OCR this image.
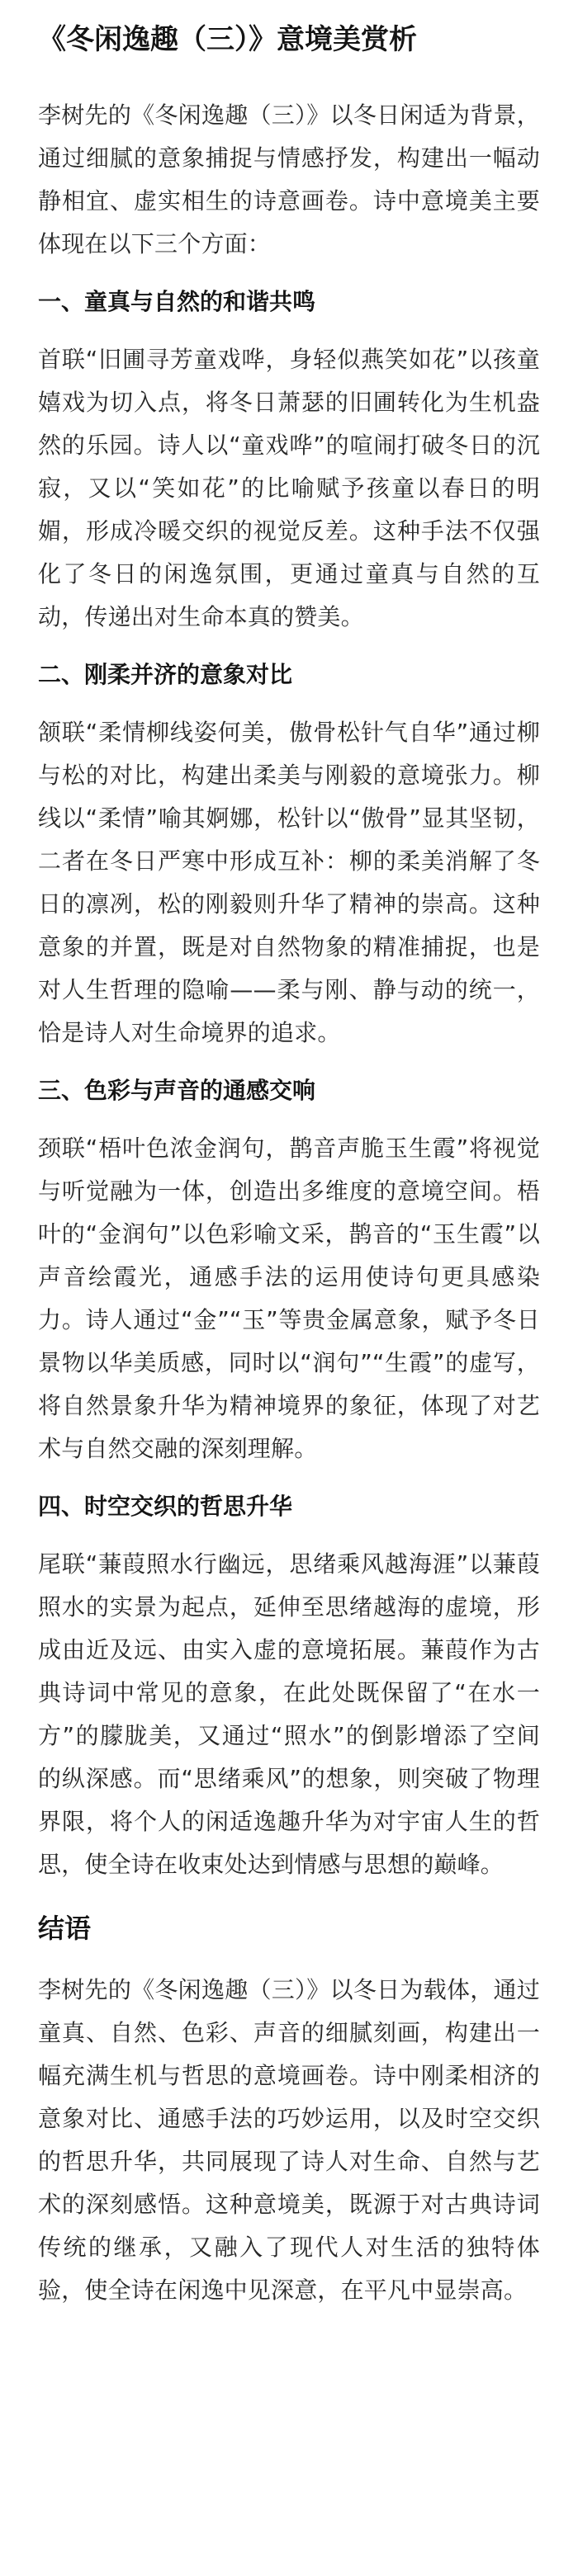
《冬闲逸趣（三）》意境美赏析

李树先的《冬闲逸趣（三）》以冬日闲适为背景，通过细腻的意象捕捉与情感抒发，构建出一幅动静相宜、虚实相生的诗意画卷。诗中意境美主要体现在以下三个方面：

一、童真与自然的和谐共鸣

首联“旧圃寻芳童戏哗，身轻似燕笑如花”以孩童嬉戏为切入点，将冬日萧瑟的旧圃转化为生机盎然的乐园。诗人以“童戏哗”的喧闹打破冬日的沉寂，又以“笑如花”的比喻赋予孩童以春日的明媚，形成冷暖交织的视觉反差。这种手法不仅强化了冬日的闲逸氛围，更通过童真与自然的互动，传递出对生命本真的赞美。

二、刚柔并济的意象对比

颔联“柔情柳线姿何美，傲骨松针气自华”通过柳与松的对比，构建出柔美与刚毅的意境张力。柳线以“柔情”喻其婀娜，松针以“傲骨”显其坚韧，二者在冬日严寒中形成互补：柳的柔美消解了冬日的凛冽，松的刚毅则升华了精神的崇高。这种意象的并置，既是对自然物象的精准捕捉，也是对人生哲理的隐喻——柔与刚、静与动的统一，恰是诗人对生命境界的追求。

三、色彩与声音的通感交响

颈联“梧叶色浓金润句，鹊音声脆玉生霞”将视觉与听觉融为一体，创造出多维度的意境空间。梧叶的“金润句”以色彩喻文采，鹊音的“玉生霞”以声音绘霞光，通感手法的运用使诗句更具感染力。诗人通过“金”“玉”等贵金属意象，赋予冬日景物以华美质感，同时以“润句”“生霞”的虚写，将自然景象升华为精神境界的象征，体现了对艺术与自然交融的深刻理解。

四、时空交织的哲思升华

尾联“蒹葭照水行幽远，思绪乘风越海涯”以蒹葭照水的实景为起点，延伸至思绪越海的虚境，形成由近及远、由实入虚的意境拓展。蒹葭作为古典诗词中常见的意象，在此处既保留了“在水一方”的朦胧美，又通过“照水”的倒影增添了空间的纵深感。而“思绪乘风”的想象，则突破了物理界限，将个人的闲适逸趣升华为对宇宙人生的哲思，使全诗在收束处达到情感与思想的巅峰。

结语

李树先的《冬闲逸趣（三）》以冬日为载体，通过童真、自然、色彩、声音的细腻刻画，构建出一幅充满生机与哲思的意境画卷。诗中刚柔相济的意象对比、通感手法的巧妙运用，以及时空交织的哲思升华，共同展现了诗人对生命、自然与艺术的深刻感悟。这种意境美，既源于对古典诗词传统的继承，又融入了现代人对生活的独特体验，使全诗在闲逸中见深意，在平凡中显崇高。
